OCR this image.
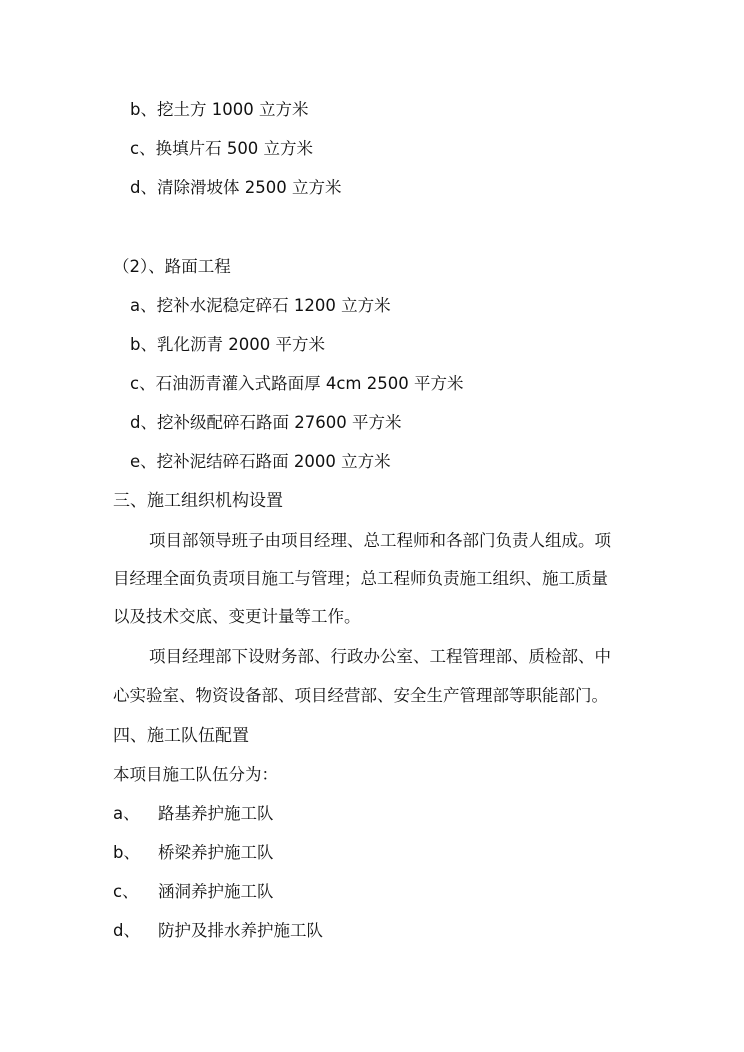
b、挖土方 1000 立方米
c、换填片石 500 立方米
d、清除滑坡体 2500 立方米
（2）、路面工程
a、挖补水泥稳定碎石 1200 立方米
b、乳化沥青 2000 平方米
c、石油沥青灌入式路面厚 4cm 2500 平方米
d、挖补级配碎石路面 27600 平方米
e、挖补泥结碎石路面 2000 立方米
三、施工组织机构设置
项目部领导班子由项目经理、总工程师和各部门负责人组成。项
目经理全面负责项目施工与管理；总工程师负责施工组织、施工质量
以及技术交底、变更计量等工作。
项目经理部下设财务部、行政办公室、工程管理部、质检部、中
心实验室、物资设备部、项目经营部、安全生产管理部等职能部门。
四、施工队伍配置
本项目施工队伍分为：
a、 路基养护施工队
b、 桥梁养护施工队
c、 涵洞养护施工队
d、 防护及排水养护施工队
